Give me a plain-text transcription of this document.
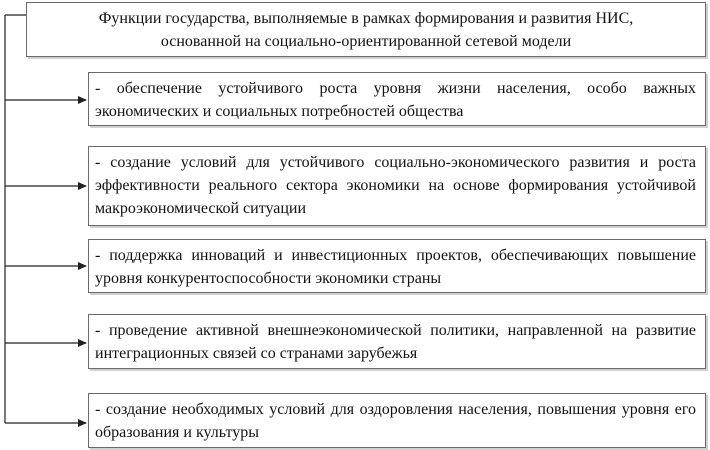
Функции государства, выполняемые в рамках формирования и развития НИС,
основанной на социально-ориентированной сетевой модели

- обеспечение устойчивого роста уровня жизни населения, особо важных экономических и социальных потребностей общества

- создание условий для устойчивого социально-экономического развития и роста эффективности реального сектора экономики на основе формирования устойчивой макроэкономической ситуации

- поддержка инноваций и инвестиционных проектов, обеспечивающих повышение уровня конкурентоспособности экономики страны

- проведение активной внешнеэкономической политики, направленной на развитие интеграционных связей со странами зарубежья

- создание необходимых условий для оздоровления населения, повышения уровня его образования и культуры
